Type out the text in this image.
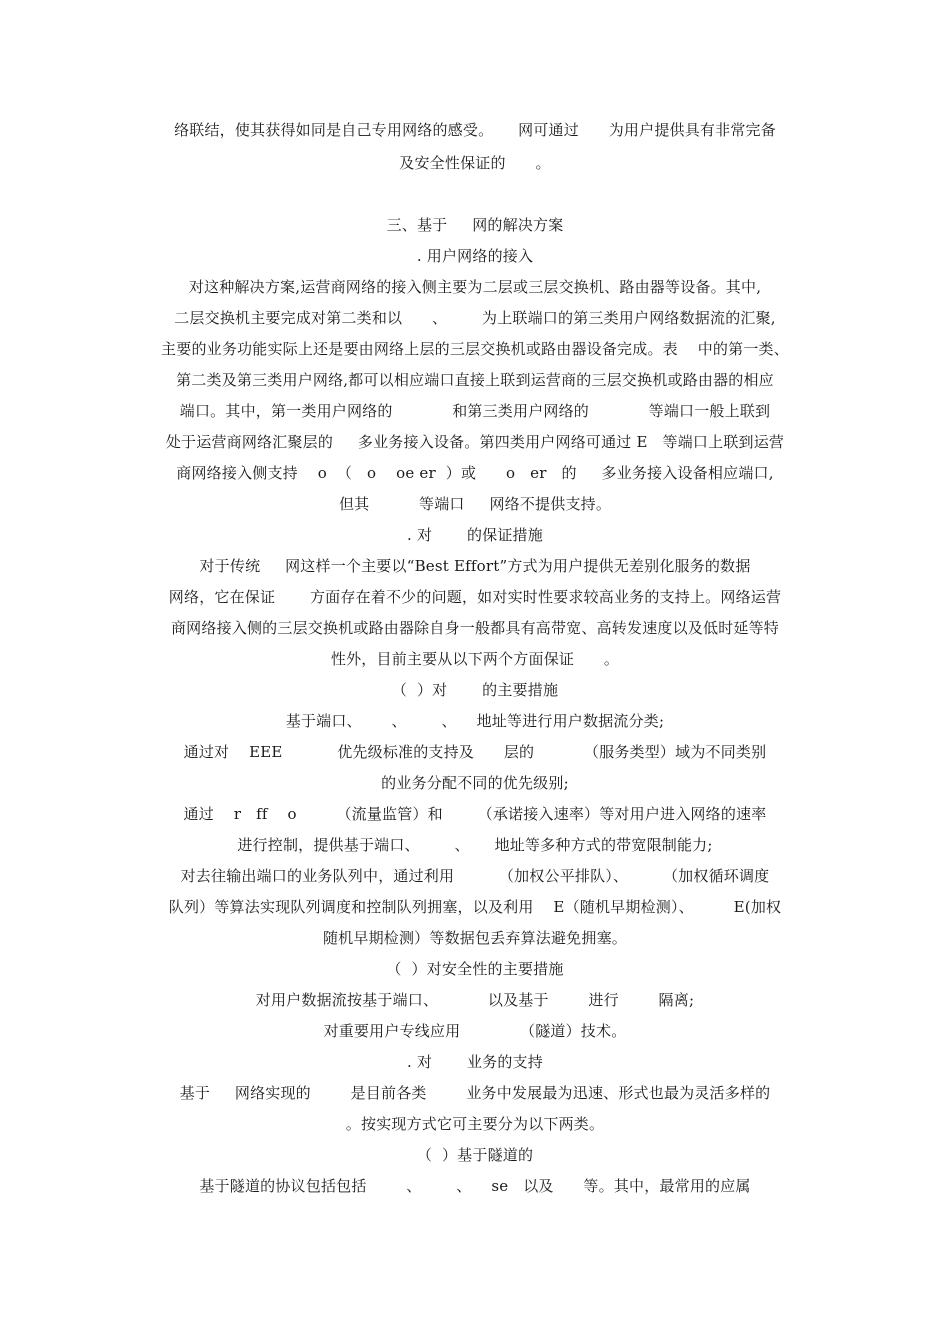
络联结，使其获得如同是自己专用网络的感受。     网可通过      为用户提供具有非常完备
及安全性保证的      。
三、基于     网的解决方案
. 用户网络的接入
对这种解决方案,运营商网络的接入侧主要为二层或三层交换机、路由器等设备。其中,
二层交换机主要完成对第二类和以      、       为上联端口的第三类用户网络数据流的汇聚,
主要的业务功能实际上还是要由网络上层的三层交换机或路由器设备完成。表    中的第一类、
第二类及第三类用户网络,都可以相应端口直接上联到运营商的三层交换机或路由器的相应
端口。其中，第一类用户网络的            和第三类用户网络的            等端口一般上联到
处于运营商网络汇聚层的     多业务接入设备。第四类用户网络可通过 E   等端口上联到运营
商网络接入侧支持    o  （   o    oe er  ）或      o   er   的     多业务接入设备相应端口,
但其          等端口     网络不提供支持。
. 对       的保证措施
对于传统     网这样一个主要以“Best Effort”方式为用户提供无差别化服务的数据
网络，它在保证       方面存在着不少的问题，如对实时性要求较高业务的支持上。网络运营
商网络接入侧的三层交换机或路由器除自身一般都具有高带宽、高转发速度以及低时延等特
性外，目前主要从以下两个方面保证      。
（  ）对       的主要措施
基于端口、      、       、    地址等进行用户数据流分类;
通过对    EEE           优先级标准的支持及      层的          （服务类型）域为不同类别
的业务分配不同的优先级别;
通过    r   ff    o        （流量监管）和       （承诺接入速率）等对用户进入网络的速率
进行控制，提供基于端口、       、     地址等多种方式的带宽限制能力;
对去往输出端口的业务队列中，通过利用         （加权公平排队）、       （加权循环调度
队列）等算法实现队列调度和控制队列拥塞，以及利用    E（随机早期检测）、        E(加权
随机早期检测）等数据包丢弃算法避免拥塞。
（  ）对安全性的主要措施
对用户数据流按基于端口、          以及基于        进行        隔离;
对重要用户专线应用            （隧道）技术。
. 对       业务的支持
基于     网络实现的        是目前各类        业务中发展最为迅速、形式也最为灵活多样的
。按实现方式它可主要分为以下两类。
（  ）基于隧道的
基于隧道的协议包括包括        、       、    se   以及      等。其中，最常用的应属
